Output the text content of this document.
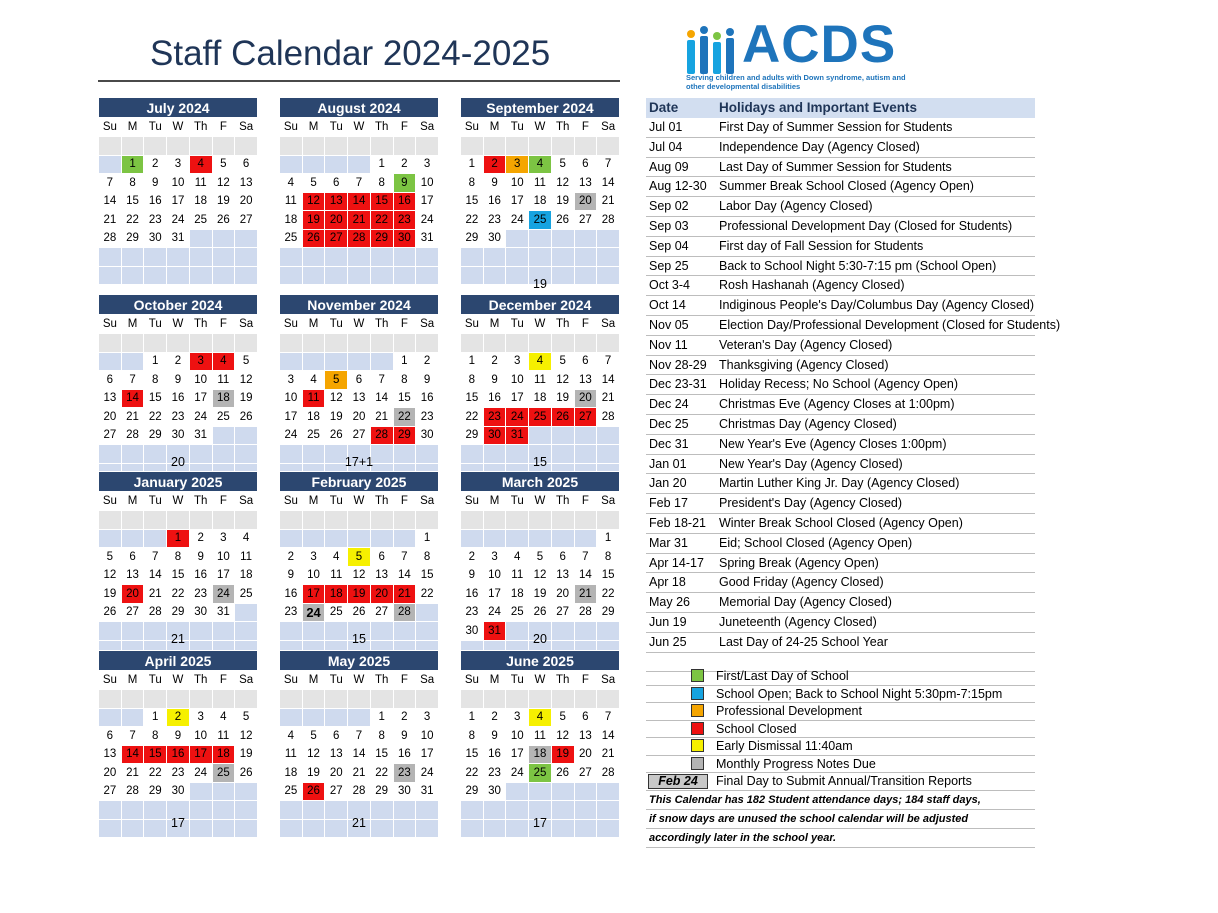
Staff Calendar 2024-2025	ACDS
Serving children and adults with Down syndrome, autism and other developmental disabilities
July 2024						
Su	M	Tu	W	Th	F	Sa

	1	2	3	4	5	6
7	8	9	10	11	12	13
14	15	16	17	18	19	20
21	22	23	24	25	26	27
28	29	30	31			

August 2024						
Su	M	Tu	W	Th	F	Sa

				1	2	3
4	5	6	7	8	9	10
11	12	13	14	15	16	17
18	19	20	21	22	23	24
25	26	27	28	29	30	31

September 2024						
Su	M	Tu	W	Th	F	Sa

1	2	3	4	5	6	7
8	9	10	11	12	13	14
15	16	17	18	19	20	21
22	23	24	25	26	27	28
29	30					

19
October 2024						
Su	M	Tu	W	Th	F	Sa

		1	2	3	4	5
6	7	8	9	10	11	12
13	14	15	16	17	18	19
20	21	22	23	24	25	26
27	28	29	30	31		

20
November 2024						
Su	M	Tu	W	Th	F	Sa

					1	2
3	4	5	6	7	8	9
10	11	12	13	14	15	16
17	18	19	20	21	22	23
24	25	26	27	28	29	30

17+1
December 2024						
Su	M	Tu	W	Th	F	Sa

1	2	3	4	5	6	7
8	9	10	11	12	13	14
15	16	17	18	19	20	21
22	23	24	25	26	27	28
29	30	31				

15
January 2025						
Su	M	Tu	W	Th	F	Sa

			1	2	3	4
5	6	7	8	9	10	11
12	13	14	15	16	17	18
19	20	21	22	23	24	25
26	27	28	29	30	31	

21
February 2025						
Su	M	Tu	W	Th	F	Sa

						1
2	3	4	5	6	7	8
9	10	11	12	13	14	15
16	17	18	19	20	21	22
23	24	25	26	27	28	

15
March 2025						
Su	M	Tu	W	Th	F	Sa

						1
2	3	4	5	6	7	8
9	10	11	12	13	14	15
16	17	18	19	20	21	22
23	24	25	26	27	28	29
30	31					

20
April 2025						
Su	M	Tu	W	Th	F	Sa

		1	2	3	4	5
6	7	8	9	10	11	12
13	14	15	16	17	18	19
20	21	22	23	24	25	26
27	28	29	30			

17
May 2025						
Su	M	Tu	W	Th	F	Sa

				1	2	3
4	5	6	7	8	9	10
11	12	13	14	15	16	17
18	19	20	21	22	23	24
25	26	27	28	29	30	31

21
June 2025						
Su	M	Tu	W	Th	F	Sa

1	2	3	4	5	6	7
8	9	10	11	12	13	14
15	16	17	18	19	20	21
22	23	24	25	26	27	28
29	30					

17
Date	Holidays and Important Events
Jul 01	First Day of Summer Session for Students
Jul 04	Independence Day (Agency Closed)
Aug 09	Last Day of Summer Session for Students
Aug 12-30 Summer Break School Closed (Agency Open)
Sep 02	Labor Day (Agency Closed)
Sep 03	Professional Development Day (Closed for Students)
Sep 04	First day of Fall Session for Students
Sep 25	Back to School Night 5:30-7:15 pm (School Open)
Oct 3-4	Rosh Hashanah (Agency Closed)
Oct 14	Indiginous People's Day/Columbus Day (Agency Closed)
Nov 05	Election Day/Professional Development (Closed for Students)
Nov 11	Veteran's Day (Agency Closed)
Nov 28-29 Thanksgiving (Agency Closed)
Dec 23-31 Holiday Recess; No School (Agency Open)
Dec 24	Christmas Eve (Agency Closes at 1:00pm)
Dec 25	Christmas Day (Agency Closed)
Dec 31	New Year's Eve (Agency Closes 1:00pm)
Jan 01	New Year's Day (Agency Closed)
Jan 20	Martin Luther King Jr. Day (Agency Closed)
Feb 17	President's Day (Agency Closed)
Feb 18-21	Winter Break School Closed (Agency Open)
Mar 31	Eid; School Closed (Agency Open)
Apr 14-17	Spring Break (Agency Open)
Apr 18	Good Friday (Agency Closed)
May 26	Memorial Day (Agency Closed)
Jun 19	Juneteenth (Agency Closed)
Jun 25	Last Day of 24-25 School Year
First/Last Day of School
School Open; Back to School Night 5:30pm-7:15pm
Professional Development
School Closed
Early Dismissal 11:40am
Monthly Progress Notes Due
Feb 24	Final Day to Submit Annual/Transition Reports
This Calendar has 182 Student attendance days; 184 staff days,
if snow days are unused the school calendar will be adjusted
accordingly later in the school year.
